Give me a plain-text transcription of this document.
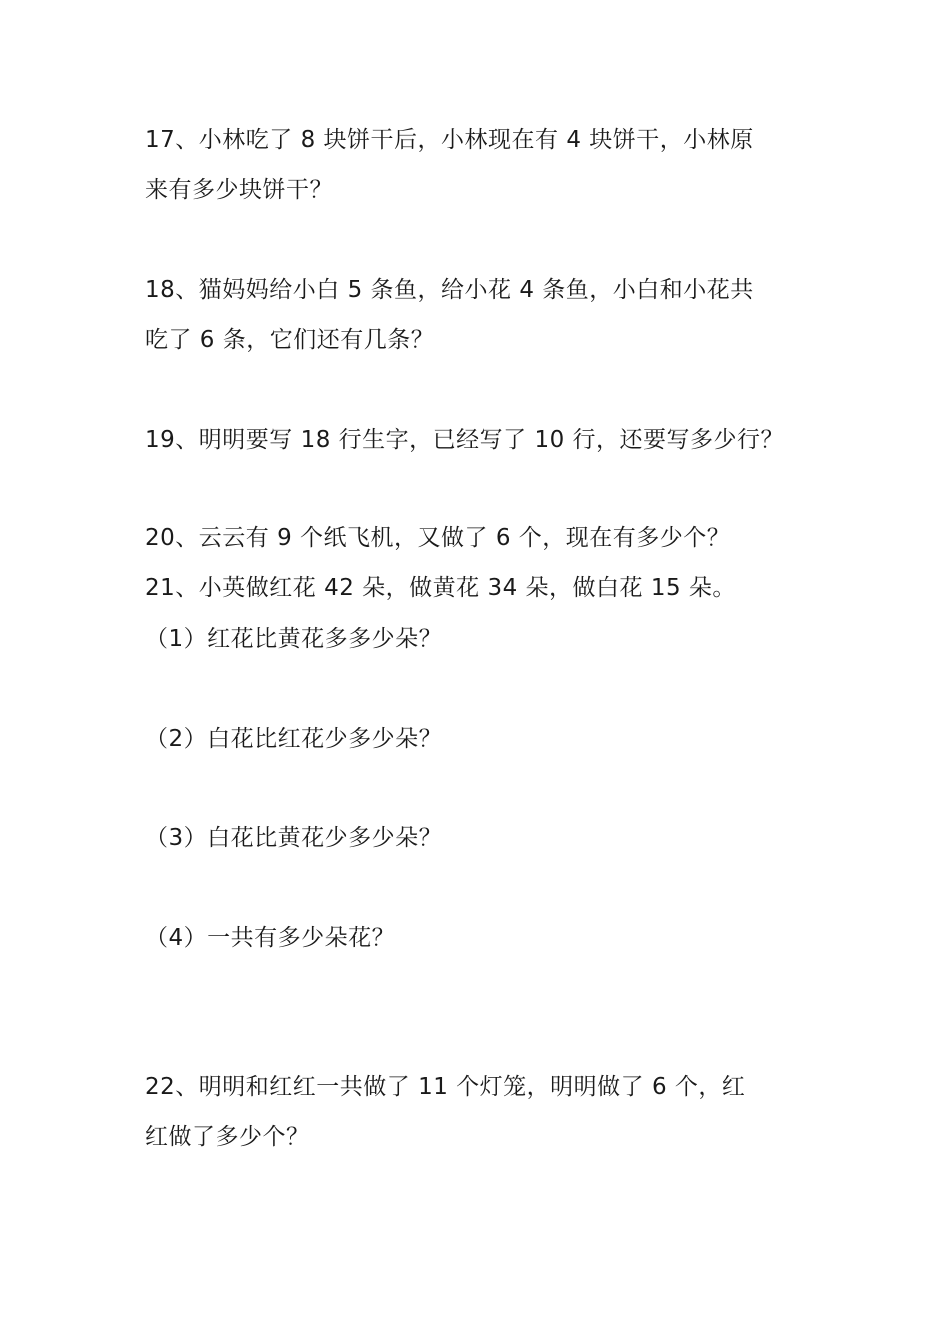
17、小林吃了 8 块饼干后，小林现在有 4 块饼干，小林原
来有多少块饼干？
18、猫妈妈给小白 5 条鱼，给小花 4 条鱼，小白和小花共
吃了 6 条，它们还有几条？
19、明明要写 18 行生字，已经写了 10 行，还要写多少行？
20、云云有 9 个纸飞机，又做了 6 个，现在有多少个？
21、小英做红花 42 朵，做黄花 34 朵，做白花 15 朵。
（1）红花比黄花多多少朵？
（2）白花比红花少多少朵？
（3）白花比黄花少多少朵？
（4）一共有多少朵花？
22、明明和红红一共做了 11 个灯笼，明明做了 6 个，红
红做了多少个？
